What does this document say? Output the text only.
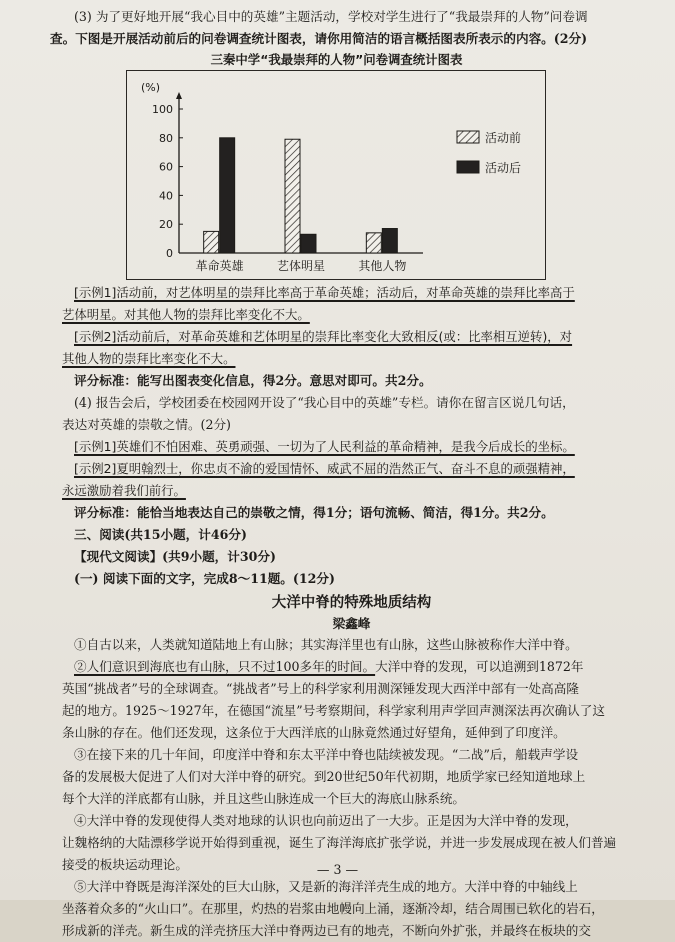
(3) 为了更好地开展“我心目中的英雄”主题活动，学校对学生进行了“我最崇拜的人物”问卷调
查。下图是开展活动前后的问卷调查统计图表，请你用简洁的语言概括图表所表示的内容。(2分)
三秦中学“我最崇拜的人物”问卷调查统计图表
(%)
0
20
40
60
80
100
革命英雄	艺体明星	其他人物
活动前
活动后
[示例1]活动前，对艺体明星的崇拜比率高于革命英雄；活动后，对革命英雄的崇拜比率高于
艺体明星。对其他人物的崇拜比率变化不大。
[示例2]活动前后，对革命英雄和艺体明星的崇拜比率变化大致相反(或：比率相互逆转)，对
其他人物的崇拜比率变化不大。
评分标准：能写出图表变化信息，得2分。意思对即可。共2分。
(4) 报告会后，学校团委在校园网开设了“我心目中的英雄”专栏。请你在留言区说几句话，
表达对英雄的崇敬之情。(2分)
[示例1]英雄们不怕困难、英勇顽强、一切为了人民利益的革命精神，是我今后成长的坐标。
[示例2]夏明翰烈士，你忠贞不渝的爱国情怀、威武不屈的浩然正气、奋斗不息的顽强精神，
永远激励着我们前行。
评分标准：能恰当地表达自己的崇敬之情，得1分；语句流畅、简洁，得1分。共2分。
三、阅读(共15小题，计46分)
【现代文阅读】(共9小题，计30分)
(一) 阅读下面的文字，完成8～11题。(12分)
大洋中脊的特殊地质结构
梁鑫峰
①自古以来，人类就知道陆地上有山脉；其实海洋里也有山脉，这些山脉被称作大洋中脊。
②人们意识到海底也有山脉，只不过100多年的时间。大洋中脊的发现，可以追溯到1872年
英国“挑战者”号的全球调查。“挑战者”号上的科学家利用测深锤发现大西洋中部有一处高高隆
起的地方。1925～1927年，在德国“流星”号考察期间，科学家利用声学回声测深法再次确认了这
条山脉的存在。他们还发现，这条位于大西洋底的山脉竟然通过好望角，延伸到了印度洋。
③在接下来的几十年间，印度洋中脊和东太平洋中脊也陆续被发现。“二战”后，船载声学设
备的发展极大促进了人们对大洋中脊的研究。到20世纪50年代初期，地质学家已经知道地球上
每个大洋的洋底都有山脉，并且这些山脉连成一个巨大的海底山脉系统。
④大洋中脊的发现使得人类对地球的认识也向前迈出了一大步。正是因为大洋中脊的发现，
让魏格纳的大陆漂移学说开始得到重视，诞生了海洋海底扩张学说，并进一步发展成现在被人们普遍
接受的板块运动理论。
⑤大洋中脊既是海洋深处的巨大山脉，又是新的海洋洋壳生成的地方。大洋中脊的中轴线上
坐落着众多的“火山口”。在那里，灼热的岩浆由地幔向上涌，逐渐冷却，结合周围已软化的岩石，
形成新的洋壳。新生成的洋壳挤压大洋中脊两边已有的地壳，不断向外扩张，并最终在板块的交
— 3 —
